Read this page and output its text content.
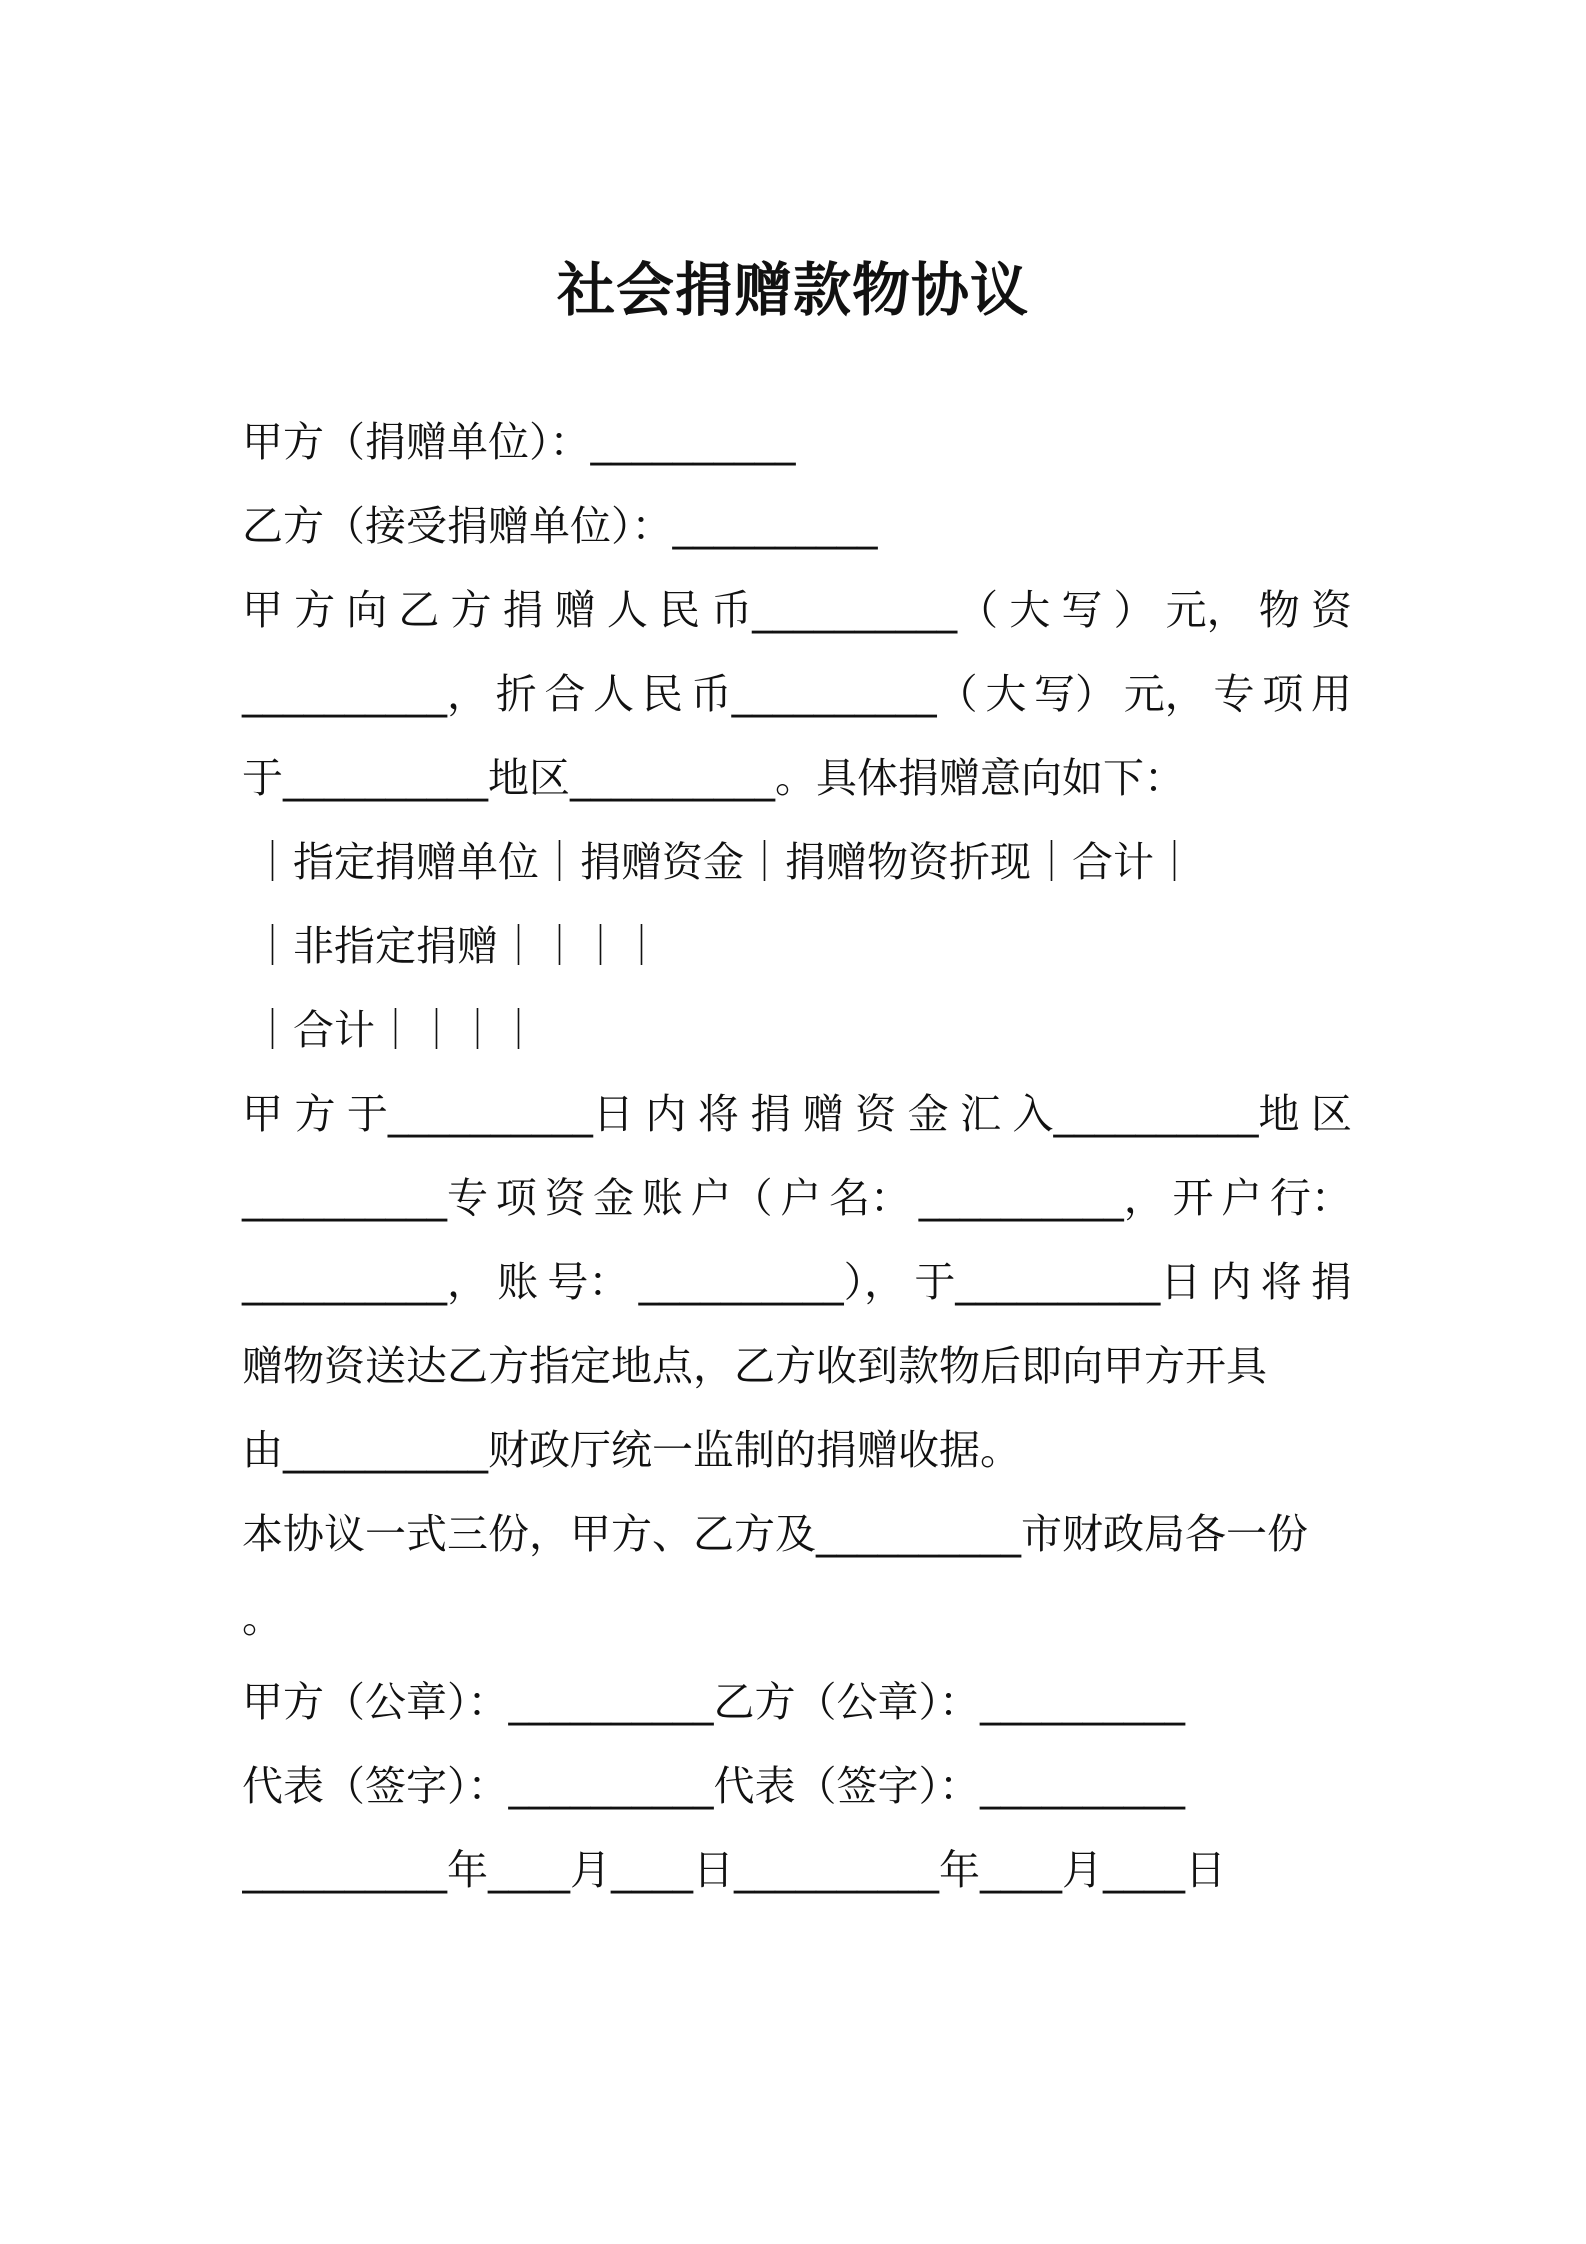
社会捐赠款物协议
甲方（捐赠单位）：__________
乙方（接受捐赠单位）：__________
甲 方 向 乙 方 捐 赠 人 民 币__________（ 大 写 ） 元， 物 资
__________， 折 合 人 民 币__________（ 大 写） 元， 专 项 用
于__________地区__________。具体捐赠意向如下：
｜指定捐赠单位｜捐赠资金｜捐赠物资折现｜合计｜
｜非指定捐赠｜｜｜｜
｜合计｜｜｜｜
甲 方 于__________日 内 将 捐 赠 资 金 汇 入__________地 区
__________专 项 资 金 账 户（ 户 名： __________， 开 户 行：
__________， 账 号： __________）， 于__________日 内 将 捐
赠物资送达乙方指定地点，乙方收到款物后即向甲方开具
由__________财政厅统一监制的捐赠收据。
本协议一式三份，甲方、乙方及__________市财政局各一份
。
甲方（公章）：__________乙方（公章）：__________
代表（签字）：__________代表（签字）：__________
__________年____月____日__________年____月____日
